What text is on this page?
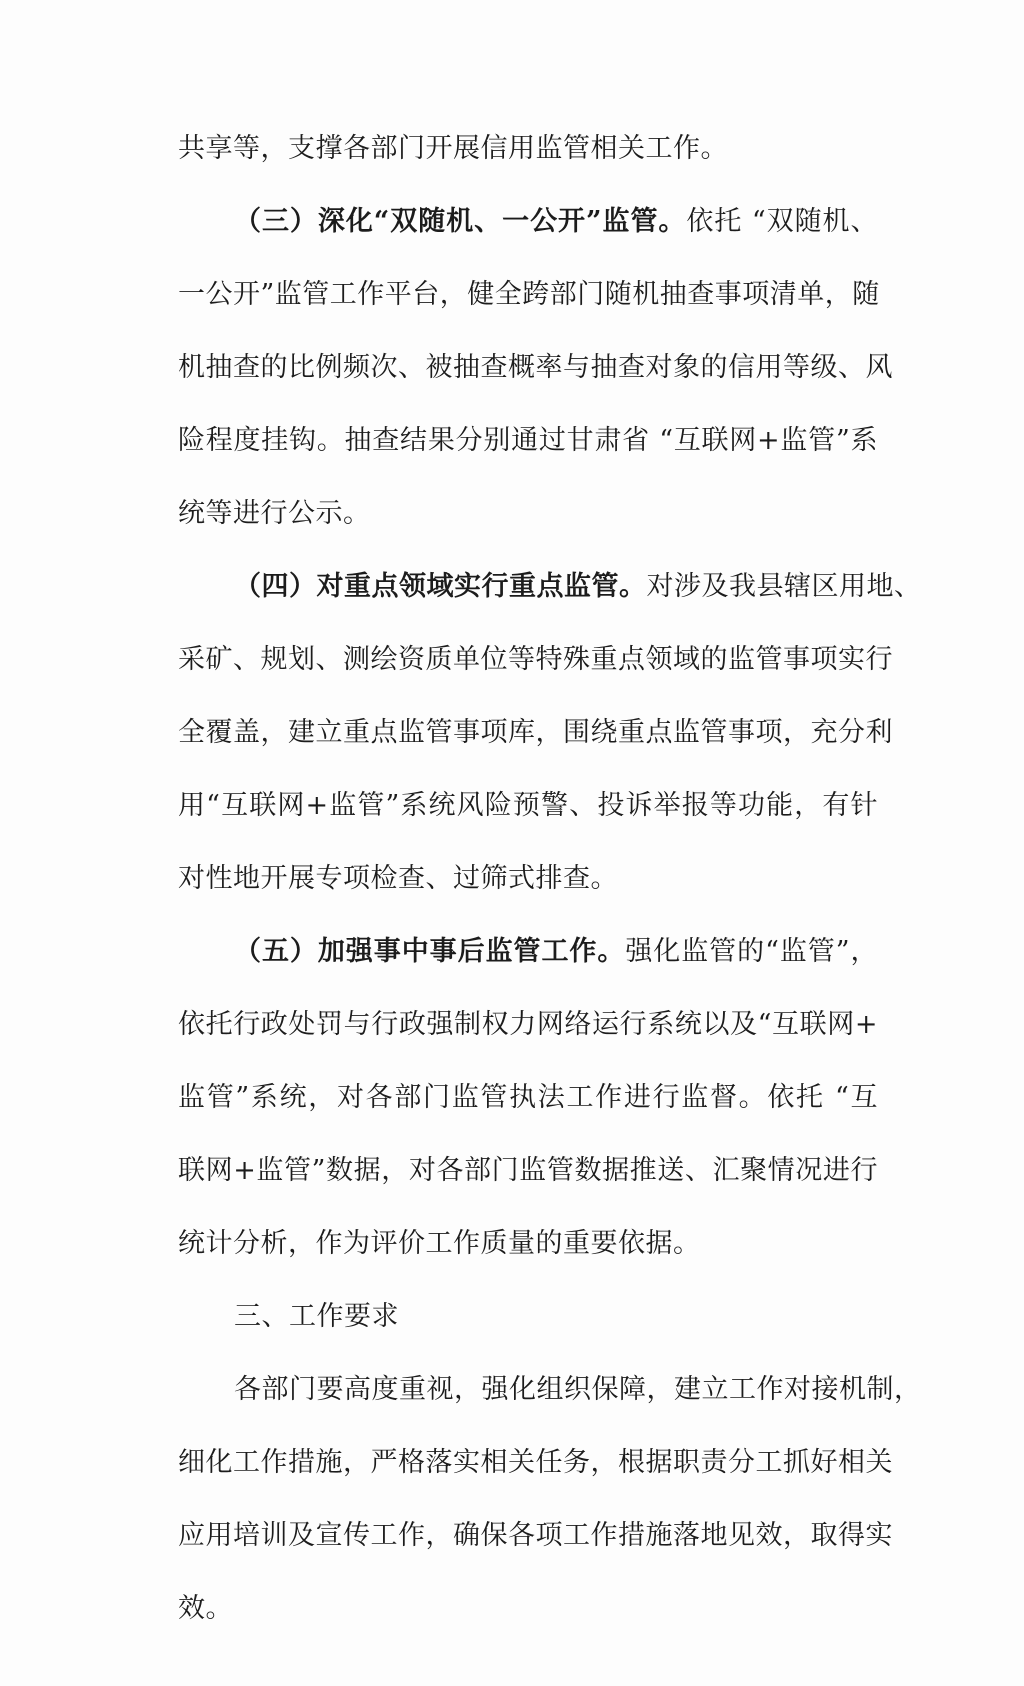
共享等，支撑各部门开展信用监管相关工作。
（三）深化“双随机、一公开”监管。依托 “双随机、
一公开”监管工作平台，健全跨部门随机抽查事项清单，随
机抽查的比例频次、被抽查概率与抽查对象的信用等级、风
险程度挂钩。抽查结果分别通过甘肃省 “互联网+监管”系
统等进行公示。
（四）对重点领域实行重点监管。对涉及我县辖区用地、
采矿、规划、测绘资质单位等特殊重点领域的监管事项实行
全覆盖，建立重点监管事项库，围绕重点监管事项，充分利
用“互联网+监管”系统风险预警、投诉举报等功能，有针
对性地开展专项检查、过筛式排查。
（五）加强事中事后监管工作。强化监管的“监管”，
依托行政处罚与行政强制权力网络运行系统以及“互联网+
监管”系统，对各部门监管执法工作进行监督。依托 “互
联网+监管”数据，对各部门监管数据推送、汇聚情况进行
统计分析，作为评价工作质量的重要依据。
三、工作要求
各部门要高度重视，强化组织保障，建立工作对接机制，
细化工作措施，严格落实相关任务，根据职责分工抓好相关
应用培训及宣传工作，确保各项工作措施落地见效，取得实
效。
